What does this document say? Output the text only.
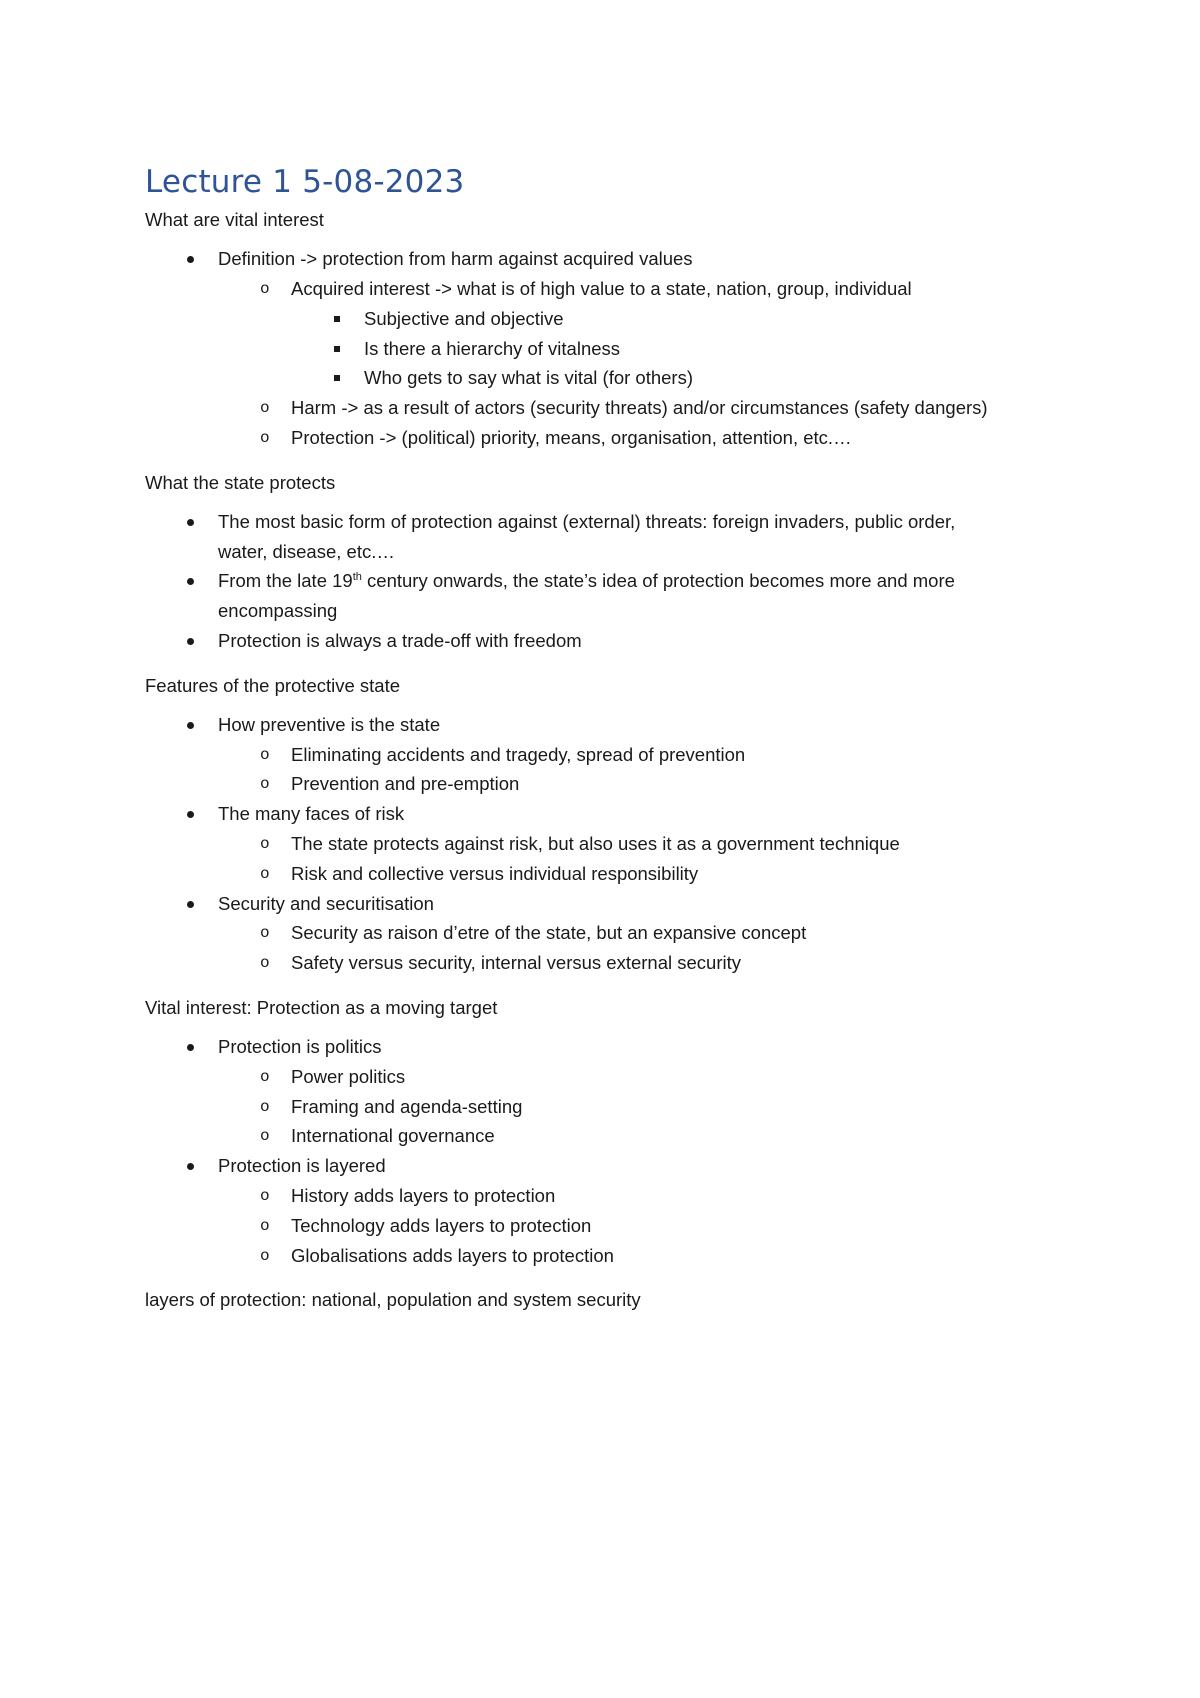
Lecture 1 5-08-2023
What are vital interest
Definition -> protection from harm against acquired values
o Acquired interest -> what is of high value to a state, nation, group, individual
Subjective and objective
Is there a hierarchy of vitalness
Who gets to say what is vital (for others)
o Harm -> as a result of actors (security threats) and/or circumstances (safety dangers)
o Protection -> (political) priority, means, organisation, attention, etc.…
What the state protects
The most basic form of protection against (external) threats: foreign invaders, public order,
water, disease, etc.…
From the late 19th century onwards, the state’s idea of protection becomes more and more
encompassing
Protection is always a trade-off with freedom
Features of the protective state
How preventive is the state
o Eliminating accidents and tragedy, spread of prevention
o Prevention and pre-emption
The many faces of risk
o The state protects against risk, but also uses it as a government technique
o Risk and collective versus individual responsibility
Security and securitisation
o Security as raison d’etre of the state, but an expansive concept
o Safety versus security, internal versus external security
Vital interest: Protection as a moving target
Protection is politics
o Power politics
o Framing and agenda-setting
o International governance
Protection is layered
o History adds layers to protection
o Technology adds layers to protection
o Globalisations adds layers to protection
layers of protection: national, population and system security
